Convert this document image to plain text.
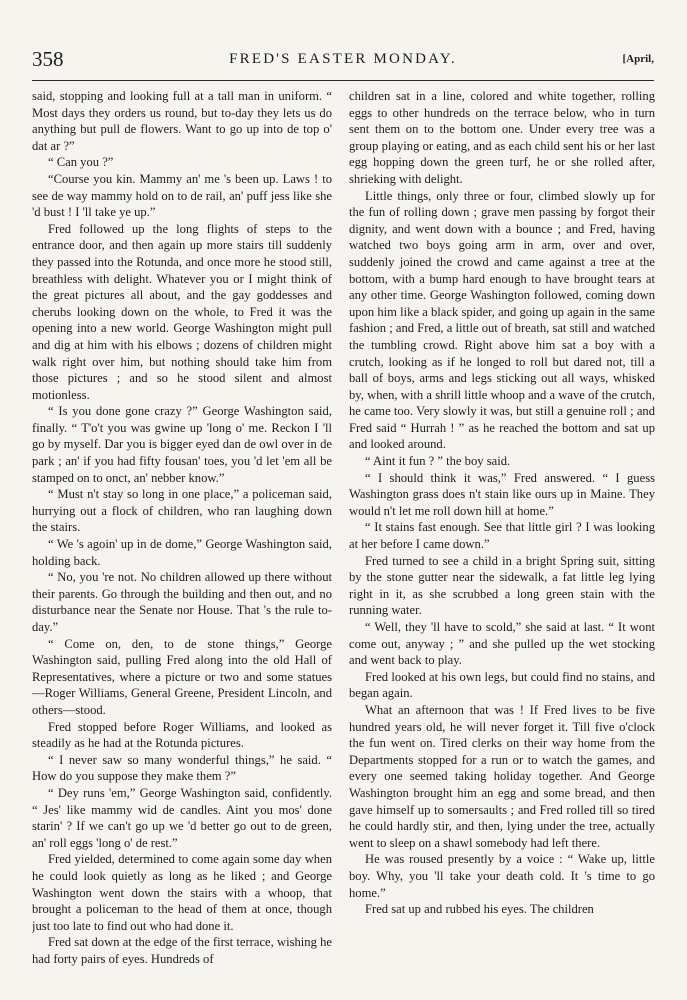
358	FRED'S EASTER MONDAY.	[April,

said, stopping and looking full at a tall man in uniform. “ Most days they orders us round, but to-day they lets us do anything but pull de flowers. Want to go up into de top o' dat ar ?”

“ Can you ?”

“Course you kin. Mammy an' me 's been up. Laws ! to see de way mammy hold on to de rail, an' puff jess like she 'd bust ! I 'll take ye up.”

Fred followed up the long flights of steps to the entrance door, and then again up more stairs till suddenly they passed into the Rotunda, and once more he stood still, breathless with delight. Whatever you or I might think of the great pictures all about, and the gay goddesses and cherubs looking down on the whole, to Fred it was the opening into a new world. George Washington might pull and dig at him with his elbows ; dozens of children might walk right over him, but nothing should take him from those pictures ; and so he stood silent and almost motionless.

“ Is you done gone crazy ?” George Washington said, finally. “ T'o't you was gwine up 'long o' me. Reckon I 'll go by myself. Dar you is bigger eyed dan de owl over in de park ; an' if you had fifty fousan' toes, you 'd let 'em all be stamped on to onct, an' nebber know.”

“ Must n't stay so long in one place,” a policeman said, hurrying out a flock of children, who ran laughing down the stairs.

“ We 's agoin' up in de dome,” George Washington said, holding back.

“ No, you 're not. No children allowed up there without their parents. Go through the building and then out, and no disturbance near the Senate nor House. That 's the rule to-day.”

“ Come on, den, to de stone things,” George Washington said, pulling Fred along into the old Hall of Representatives, where a picture or two and some statues—Roger Williams, General Greene, President Lincoln, and others—stood.

Fred stopped before Roger Williams, and looked as steadily as he had at the Rotunda pictures.

“ I never saw so many wonderful things,” he said. “ How do you suppose they make them ?”

“ Dey runs 'em,” George Washington said, confidently. “ Jes' like mammy wid de candles. Aint you mos' done starin' ? If we can't go up we 'd better go out to de green, an' roll eggs 'long o' de rest.”

Fred yielded, determined to come again some day when he could look quietly as long as he liked ; and George Washington went down the stairs with a whoop, that brought a policeman to the head of them at once, though just too late to find out who had done it.

Fred sat down at the edge of the first terrace, wishing he had forty pairs of eyes. Hundreds of

children sat in a line, colored and white together, rolling eggs to other hundreds on the terrace below, who in turn sent them on to the bottom one. Under every tree was a group playing or eating, and as each child sent his or her last egg hopping down the green turf, he or she rolled after, shrieking with delight.

Little things, only three or four, climbed slowly up for the fun of rolling down ; grave men passing by forgot their dignity, and went down with a bounce ; and Fred, having watched two boys going arm in arm, over and over, suddenly joined the crowd and came against a tree at the bottom, with a bump hard enough to have brought tears at any other time. George Washington followed, coming down upon him like a black spider, and going up again in the same fashion ; and Fred, a little out of breath, sat still and watched the tumbling crowd. Right above him sat a boy with a crutch, looking as if he longed to roll but dared not, till a ball of boys, arms and legs sticking out all ways, whisked by, when, with a shrill little whoop and a wave of the crutch, he came too. Very slowly it was, but still a genuine roll ; and Fred said “ Hurrah ! ” as he reached the bottom and sat up and looked around.

“ Aint it fun ? ” the boy said.

“ I should think it was,” Fred answered. “ I guess Washington grass does n't stain like ours up in Maine. They would n't let me roll down hill at home.”

“ It stains fast enough. See that little girl ? I was looking at her before I came down.”

Fred turned to see a child in a bright Spring suit, sitting by the stone gutter near the sidewalk, a fat little leg lying right in it, as she scrubbed a long green stain with the running water.

“ Well, they 'll have to scold,” she said at last. “ It wont come out, anyway ; ” and she pulled up the wet stocking and went back to play.

Fred looked at his own legs, but could find no stains, and began again.

What an afternoon that was ! If Fred lives to be five hundred years old, he will never forget it. Till five o'clock the fun went on. Tired clerks on their way home from the Departments stopped for a run or to watch the games, and every one seemed taking holiday together. And George Washington brought him an egg and some bread, and then gave himself up to somersaults ; and Fred rolled till so tired he could hardly stir, and then, lying under the tree, actually went to sleep on a shawl somebody had left there.

He was roused presently by a voice : “ Wake up, little boy. Why, you 'll take your death cold. It 's time to go home.”

Fred sat up and rubbed his eyes. The children
